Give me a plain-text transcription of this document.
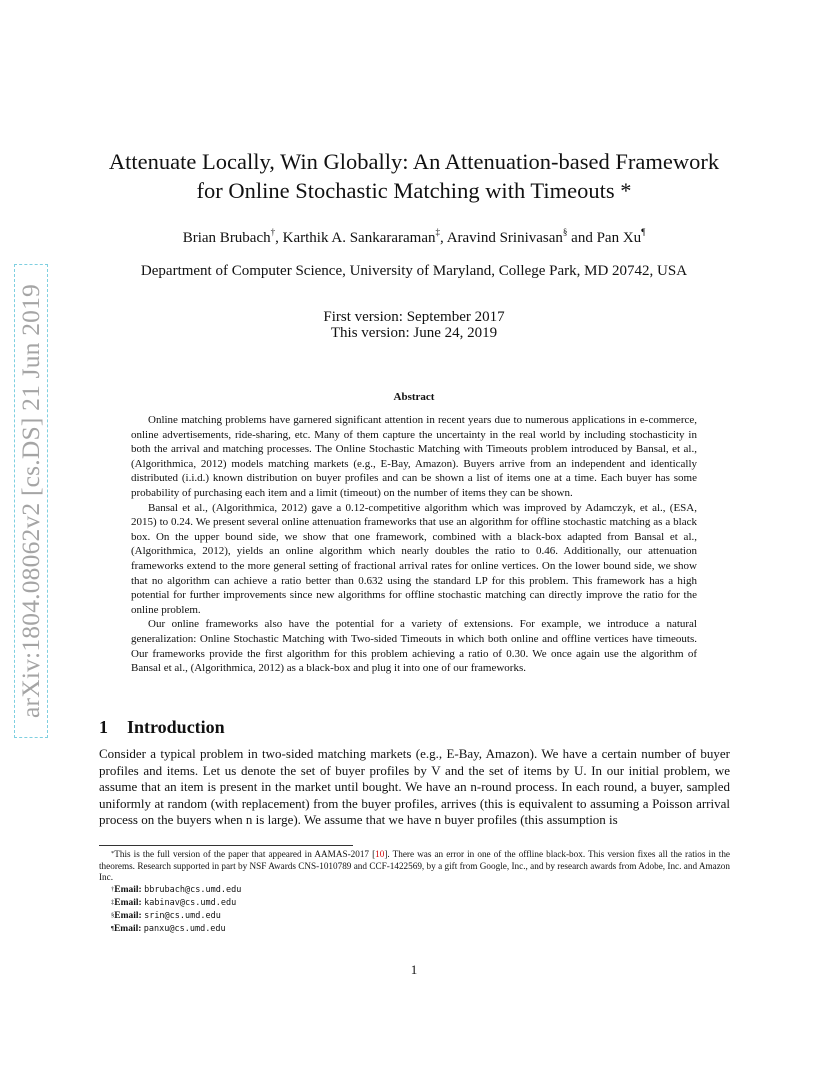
arXiv:1804.08062v2 [cs.DS] 21 Jun 2019
Attenuate Locally, Win Globally: An Attenuation-based Framework
for Online Stochastic Matching with Timeouts *
Brian Brubach†, Karthik A. Sankararaman‡, Aravind Srinivasan§ and Pan Xu¶
Department of Computer Science, University of Maryland, College Park, MD 20742, USA
First version: September 2017
This version: June 24, 2019
Abstract

Online matching problems have garnered significant attention in recent years due to numerous applications in e-commerce, online advertisements, ride-sharing, etc. Many of them capture the uncertainty in the real world by including stochasticity in both the arrival and matching processes. The Online Stochastic Matching with Timeouts problem introduced by Bansal, et al., (Algorithmica, 2012) models matching markets (e.g., E-Bay, Amazon). Buyers arrive from an independent and identically distributed (i.i.d.) known distribution on buyer profiles and can be shown a list of items one at a time. Each buyer has some probability of purchasing each item and a limit (timeout) on the number of items they can be shown.

Bansal et al., (Algorithmica, 2012) gave a 0.12-competitive algorithm which was improved by Adamczyk, et al., (ESA, 2015) to 0.24. We present several online attenuation frameworks that use an algorithm for offline stochastic matching as a black box. On the upper bound side, we show that one framework, combined with a black-box adapted from Bansal et al., (Algorithmica, 2012), yields an online algorithm which nearly doubles the ratio to 0.46. Additionally, our attenuation frameworks extend to the more general setting of fractional arrival rates for online vertices. On the lower bound side, we show that no algorithm can achieve a ratio better than 0.632 using the standard LP for this problem. This framework has a high potential for further improvements since new algorithms for offline stochastic matching can directly improve the ratio for the online problem.

Our online frameworks also have the potential for a variety of extensions. For example, we introduce a natural generalization: Online Stochastic Matching with Two-sided Timeouts in which both online and offline vertices have timeouts. Our frameworks provide the first algorithm for this problem achieving a ratio of 0.30. We once again use the algorithm of Bansal et al., (Algorithmica, 2012) as a black-box and plug it into one of our frameworks.

1 Introduction

Consider a typical problem in two-sided matching markets (e.g., E-Bay, Amazon). We have a certain number of buyer profiles and items. Let us denote the set of buyer profiles by V and the set of items by U. In our initial problem, we assume that an item is present in the market until bought. We have an n-round process. In each round, a buyer, sampled uniformly at random (with replacement) from the buyer profiles, arrives (this is equivalent to assuming a Poisson arrival process on the buyers when n is large). We assume that we have n buyer profiles (this assumption is

*This is the full version of the paper that appeared in AAMAS-2017 [10]. There was an error in one of the offline black-box. This version fixes all the ratios in the theorems. Research supported in part by NSF Awards CNS-1010789 and CCF-1422569, by a gift from Google, Inc., and by research awards from Adobe, Inc. and Amazon Inc.

†Email: bbrubach@cs.umd.edu
‡Email: kabinav@cs.umd.edu
§Email: srin@cs.umd.edu
¶Email: panxu@cs.umd.edu
1
